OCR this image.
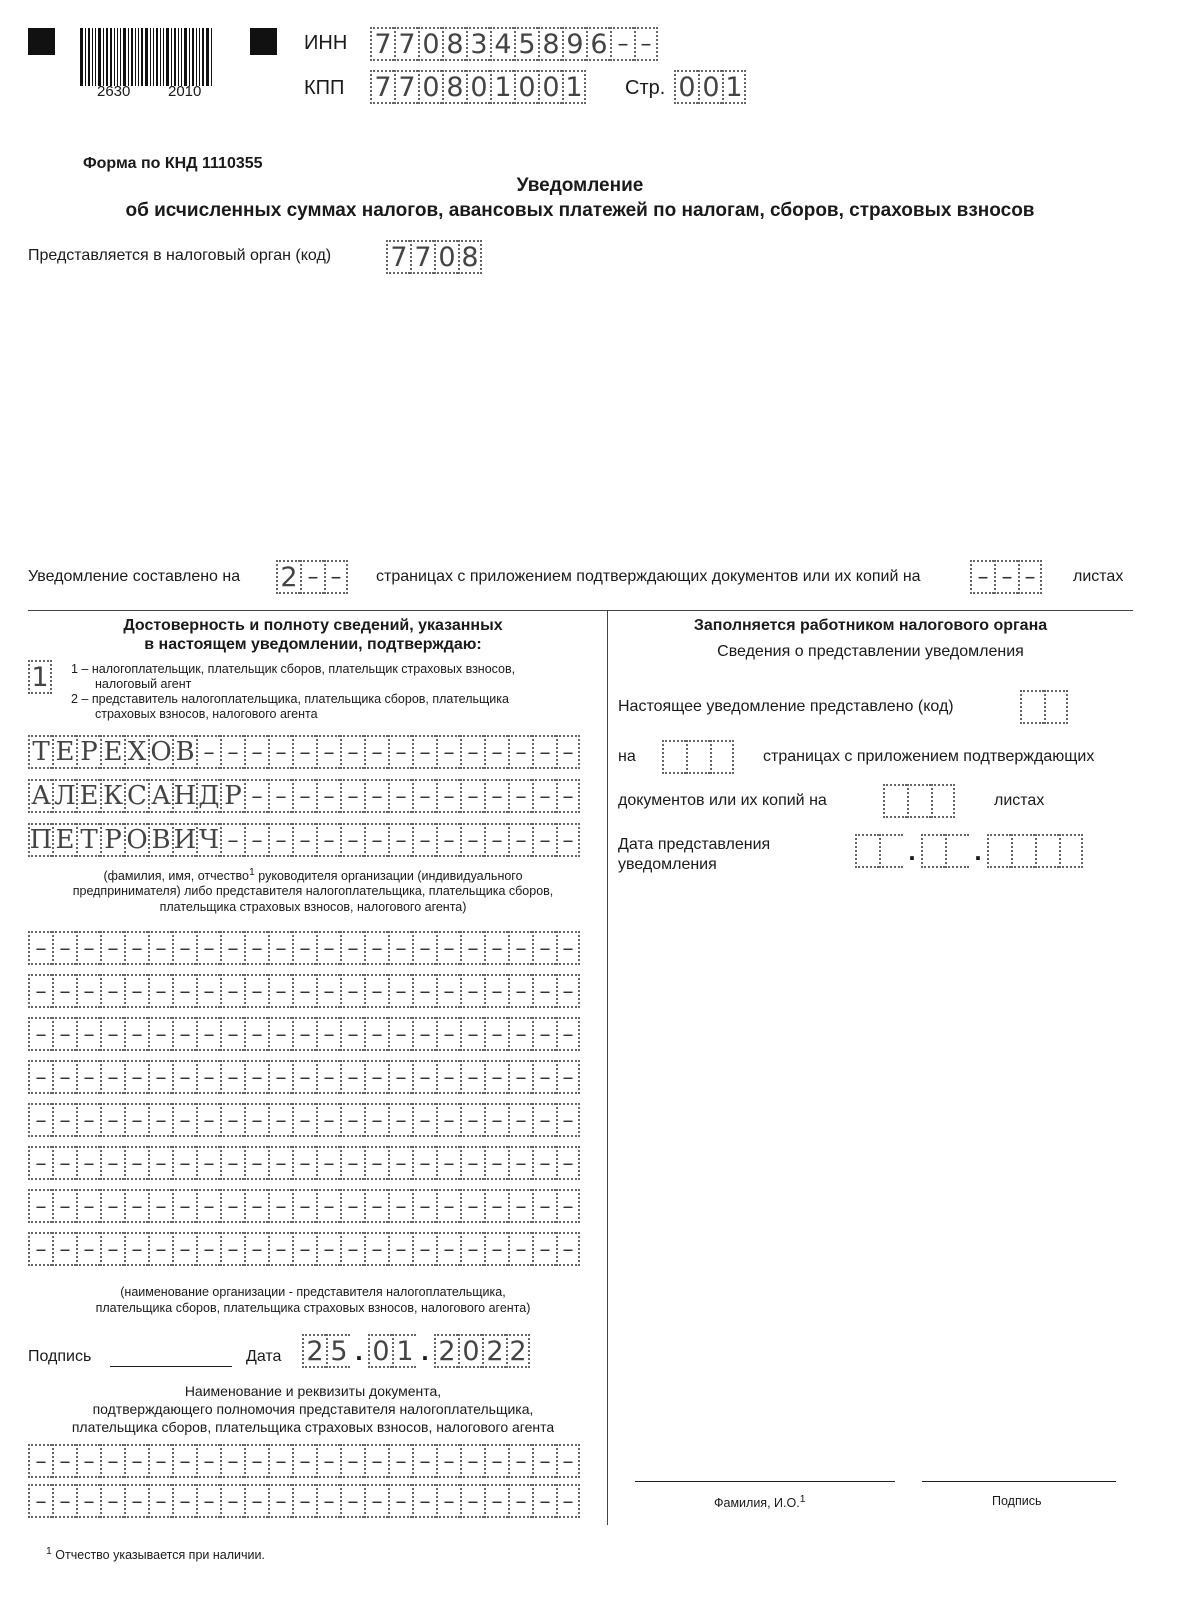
2630	2010
ИНН 7 7 0 8 3 4 5 8 9 6
–
–
КПП 7 7 0 8 0 1 0 0 1 Стр. 0 0 1
Форма по КНД 1110355
Уведомление
об исчисленных суммах налогов, авансовых платежей по налогам, сборов, страховых взносов
Представляется в налоговый орган (код) 7 7 0 8
Уведомление составлено на 2 – –	страницах с приложением подтверждающих документов или их копий на – – –	листах
Достоверность и полноту сведений, указанных
в настоящем уведомлении, подтверждаю:
1 1 – налогоплательщик, плательщик сборов, плательщик страховых взносов,
налоговый агент
2 – представитель налогоплательщика, плательщика сборов, плательщика
страховых взносов, налогового агента
Т Е Р Е Х О В
–
–
–
–
–
–
–
–
–
–
–
–
–
–
–
–
А Л Е К С А Н Д Р
–
–
–
–
–
–
–
–
–
–
–
–
–
–
П Е Т Р О В И Ч
–
–
–
–
–
–
–
–
–
–
–
–
–
–
–
(фамилия, имя, отчество$^1$ руководителя организации (индивидуального
предпринимателя) либо представителя налогоплательщика, плательщика сборов,
плательщика страховых взносов, налогового агента)
–
–
–
–
–
–
–
–
–
–
–
–
–
–
–
–
–
–
–
–
–
–
–
–
–
–
–
–
–
–
–
–
–
–
–
–
–
–
–
–
–
–
–
–
–
–
–
–
–
–
–
–
–
–
–
–
–
–
–
–
–
–
–
–
–
–
–
–
–
–
–
–
–
–
–
–
–
–
–
–
–
–
–
–
–
–
–
–
–
–
–
–
–
–
–
–
–
–
–
–
–
–
–
–
–
–
–
–
–
–
–
–
–
–
–
–
–
–
–
–
–
–
–
–
–
–
–
–
–
–
–
–
–
–
–
–
–
–
–
–
–
–
–
–
–
–
–
–
–
–
–
–
–
–
–
–
–
–
–
–
–
–
–
–
–
–
–
–
–
–
–
–
–
–
–
–
–
–
–
–
–
–
–
–
(наименование организации - представителя налогоплательщика,
плательщика сборов, плательщика страховых взносов, налогового агента)
Подпись	Дата 2 5 . 0 1 . 2 0 2 2
Наименование и реквизиты документа,
подтверждающего полномочия представителя налогоплательщика,
плательщика сборов, плательщика страховых взносов, налогового агента
–
–
–
–
–
–
–
–
–
–
–
–
–
–
–
–
–
–
–
–
–
–
–
–
–
–
–
–
–
–
–
–
–
–
–
–
–
–
–
–
–
–
–
–
–
–
Заполняется работником налогового органа
Сведения о представлении уведомления
Настоящее уведомление представлено (код)
на	страницах с приложением подтверждающих
документов или их копий на	листах
Дата представления
уведомления	. .
Фамилия, И.О.$^1$	Подпись
$^1$ Отчество указывается при наличии.
